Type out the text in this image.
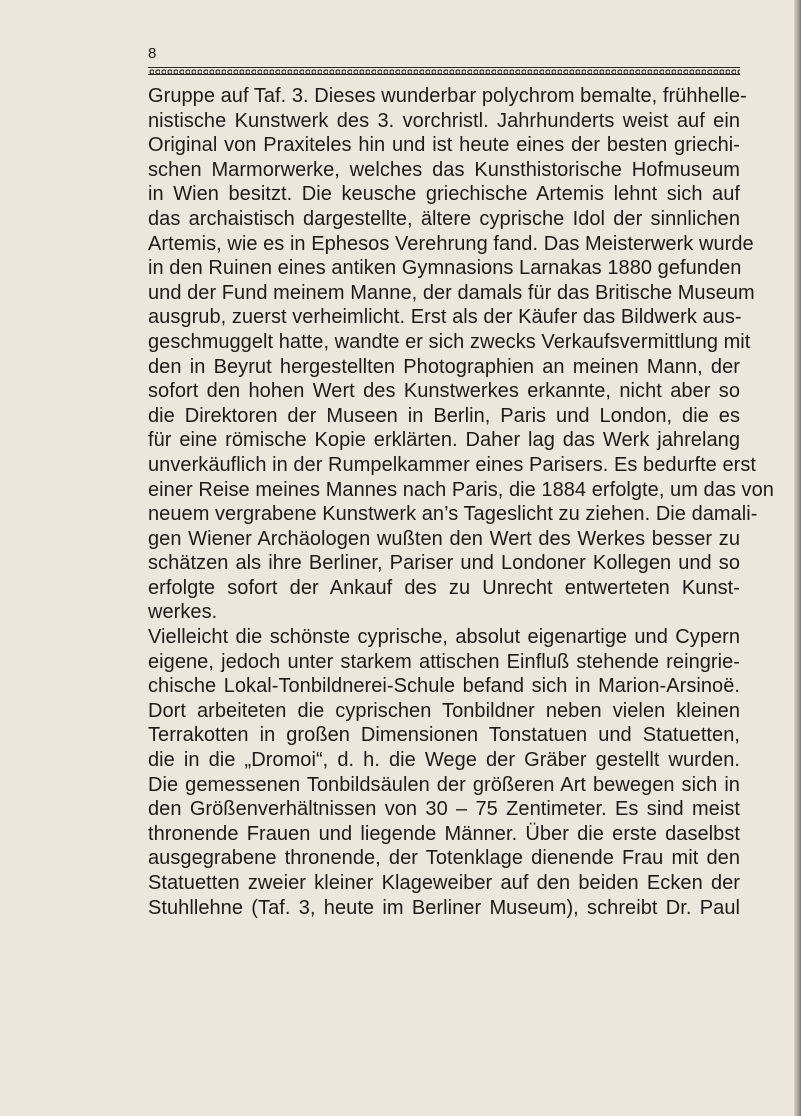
8
Gruppe auf Taf. 3. Dieses wunderbar polychrom bemalte, frühhelle-
nistische Kunstwerk des 3. vorchristl. Jahrhunderts weist auf ein
Original von Praxiteles hin und ist heute eines der besten griechi-
schen Marmorwerke, welches das Kunsthistorische Hofmuseum
in Wien besitzt. Die keusche griechische Artemis lehnt sich auf
das archaistisch dargestellte, ältere cyprische Idol der sinnlichen
Artemis, wie es in Ephesos Verehrung fand. Das Meisterwerk wurde
in den Ruinen eines antiken Gymnasions Larnakas 1880 gefunden
und der Fund meinem Manne, der damals für das Britische Museum
ausgrub, zuerst verheimlicht. Erst als der Käufer das Bildwerk aus-
geschmuggelt hatte, wandte er sich zwecks Verkaufsvermittlung mit
den in Beyrut hergestellten Photographien an meinen Mann, der
sofort den hohen Wert des Kunstwerkes erkannte, nicht aber so
die Direktoren der Museen in Berlin, Paris und London, die es
für eine römische Kopie erklärten. Daher lag das Werk jahrelang
unverkäuflich in der Rumpelkammer eines Parisers. Es bedurfte erst
einer Reise meines Mannes nach Paris, die 1884 erfolgte, um das von
neuem vergrabene Kunstwerk an’s Tageslicht zu ziehen. Die damali-
gen Wiener Archäologen wußten den Wert des Werkes besser zu
schätzen als ihre Berliner, Pariser und Londoner Kollegen und so
erfolgte sofort der Ankauf des zu Unrecht entwerteten Kunst-
werkes.
Vielleicht die schönste cyprische, absolut eigenartige und Cypern
eigene, jedoch unter starkem attischen Einfluß stehende reingrie-
chische Lokal-Tonbildnerei-Schule befand sich in Marion-Arsinoë.
Dort arbeiteten die cyprischen Tonbildner neben vielen kleinen
Terrakotten in großen Dimensionen Tonstatuen und Statuetten,
die in die „Dromoi“, d. h. die Wege der Gräber gestellt wurden.
Die gemessenen Tonbildsäulen der größeren Art bewegen sich in
den Größenverhältnissen von 30 – 75 Zentimeter. Es sind meist
thronende Frauen und liegende Männer. Über die erste daselbst
ausgegrabene thronende, der Totenklage dienende Frau mit den
Statuetten zweier kleiner Klageweiber auf den beiden Ecken der
Stuhllehne (Taf. 3, heute im Berliner Museum), schreibt Dr. Paul
